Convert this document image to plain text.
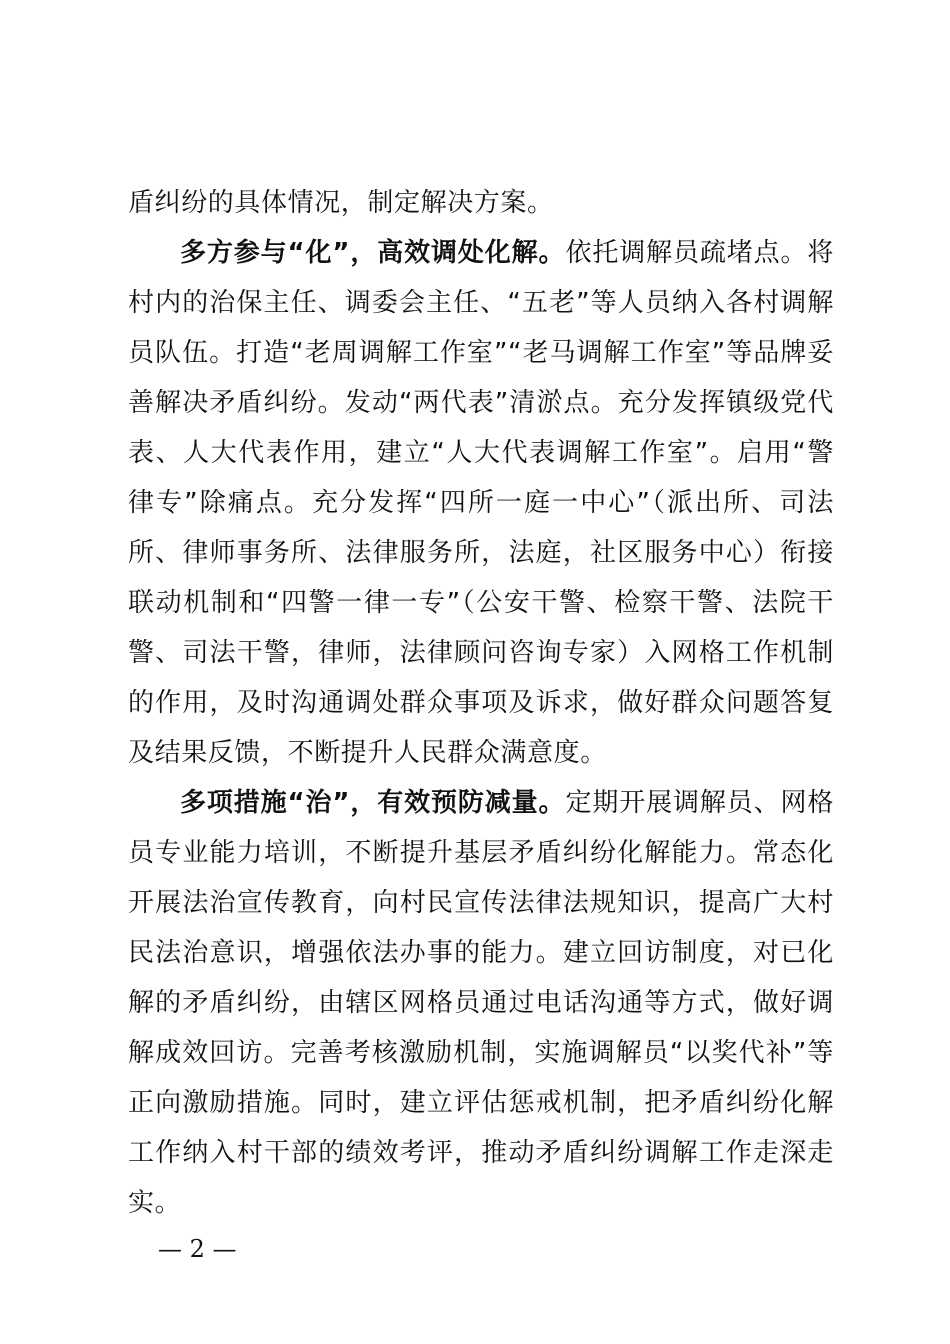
盾纠纷的具体情况，制定解决方案。

多方参与“化”，高效调处化解。依托调解员疏堵点。将村内的治保主任、调委会主任、“五老”等人员纳入各村调解员队伍。打造“老周调解工作室”“老马调解工作室”等品牌妥善解决矛盾纠纷。发动“两代表”清淤点。充分发挥镇级党代表、人大代表作用，建立“人大代表调解工作室”。启用“警律专”除痛点。充分发挥“四所一庭一中心”（派出所、司法所、律师事务所、法律服务所，法庭，社区服务中心）衔接联动机制和“四警一律一专”（公安干警、检察干警、法院干警、司法干警，律师，法律顾问咨询专家）入网格工作机制的作用，及时沟通调处群众事项及诉求，做好群众问题答复及结果反馈，不断提升人民群众满意度。

多项措施“治”，有效预防减量。定期开展调解员、网格员专业能力培训，不断提升基层矛盾纠纷化解能力。常态化开展法治宣传教育，向村民宣传法律法规知识，提高广大村民法治意识，增强依法办事的能力。建立回访制度，对已化解的矛盾纠纷，由辖区网格员通过电话沟通等方式，做好调解成效回访。完善考核激励机制，实施调解员“以奖代补”等正向激励措施。同时，建立评估惩戒机制，把矛盾纠纷化解工作纳入村干部的绩效考评，推动矛盾纠纷调解工作走深走实。

— 2 —
